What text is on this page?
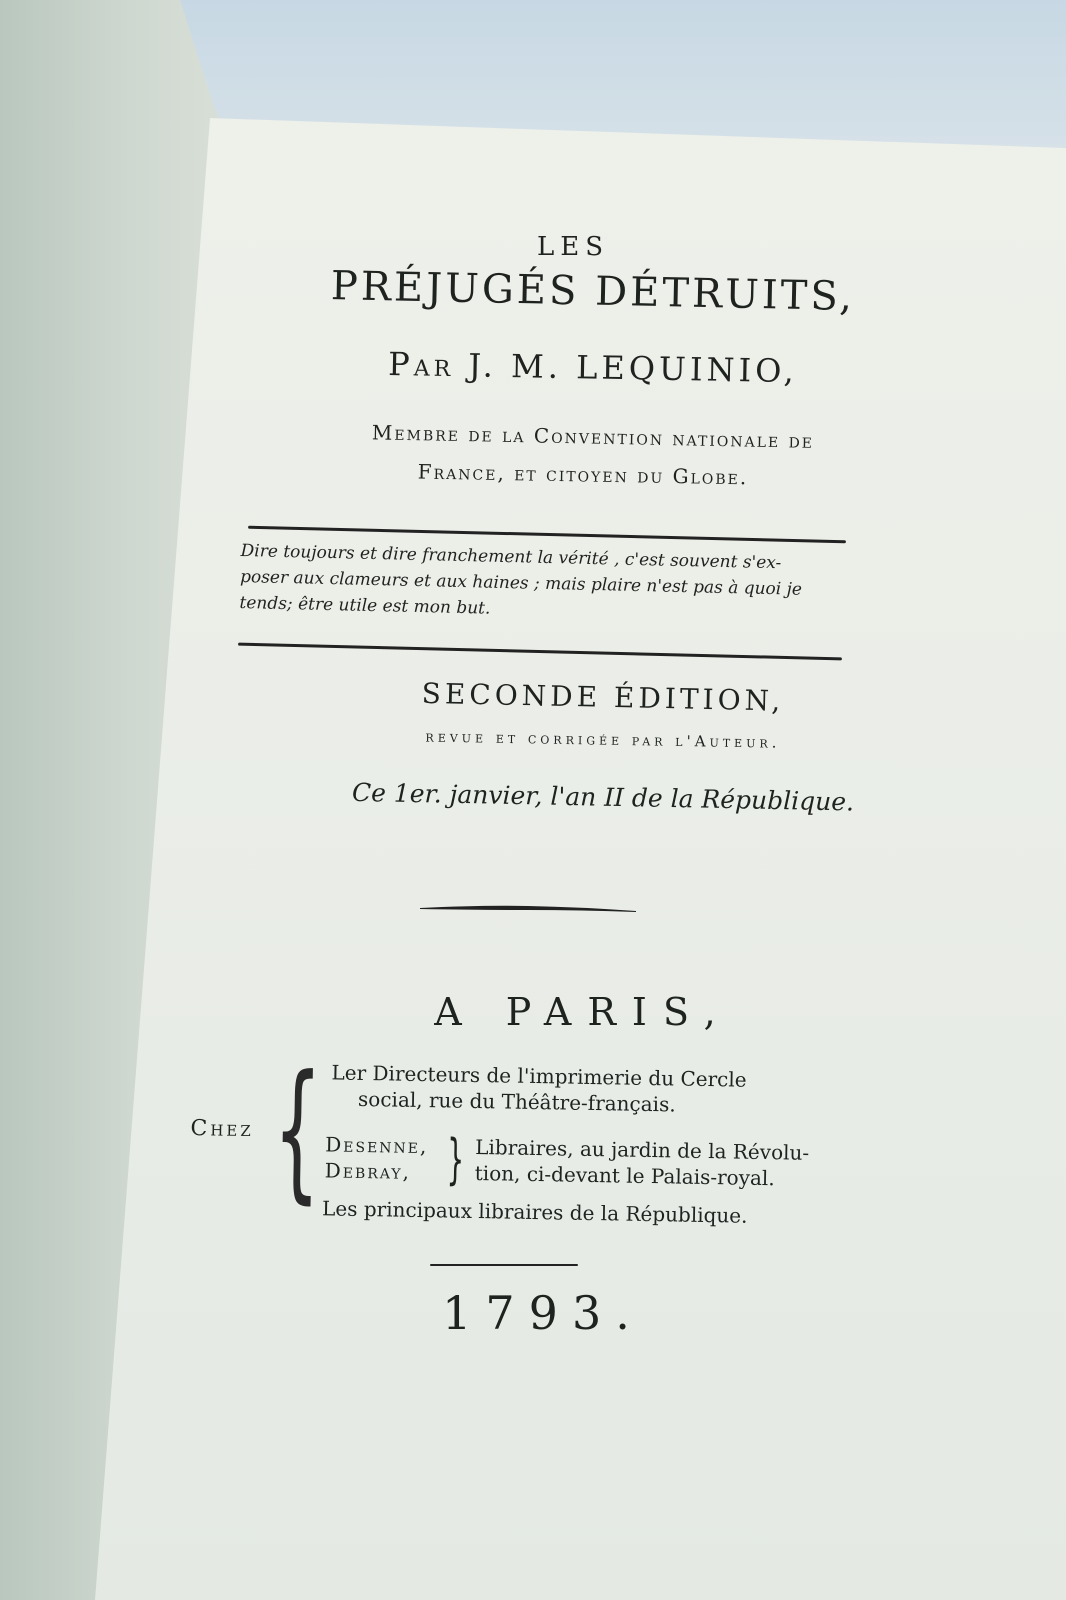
LES
PRÉJUGÉS DÉTRUITS,
Par J. M. LEQUINIO,
Membre de la Convention nationale de
France, et citoyen du Globe.
Dire toujours et dire franchement la vérité , c'est souvent s'ex-
poser aux clameurs et aux haines ; mais plaire n'est pas à quoi je
tends; être utile est mon but.
SECONDE ÉDITION,
revue et corrigée par l'Auteur.
Ce 1er. janvier, l'an II de la République.
A PARIS,
Chez { Ler Directeurs de l'imprimerie du Cercle
social, rue du Théâtre-français.
Desenne,
Debray, } Libraires, au jardin de la Révolu-
tion, ci-devant le Palais-royal.
Les principaux libraires de la République.
1793.
